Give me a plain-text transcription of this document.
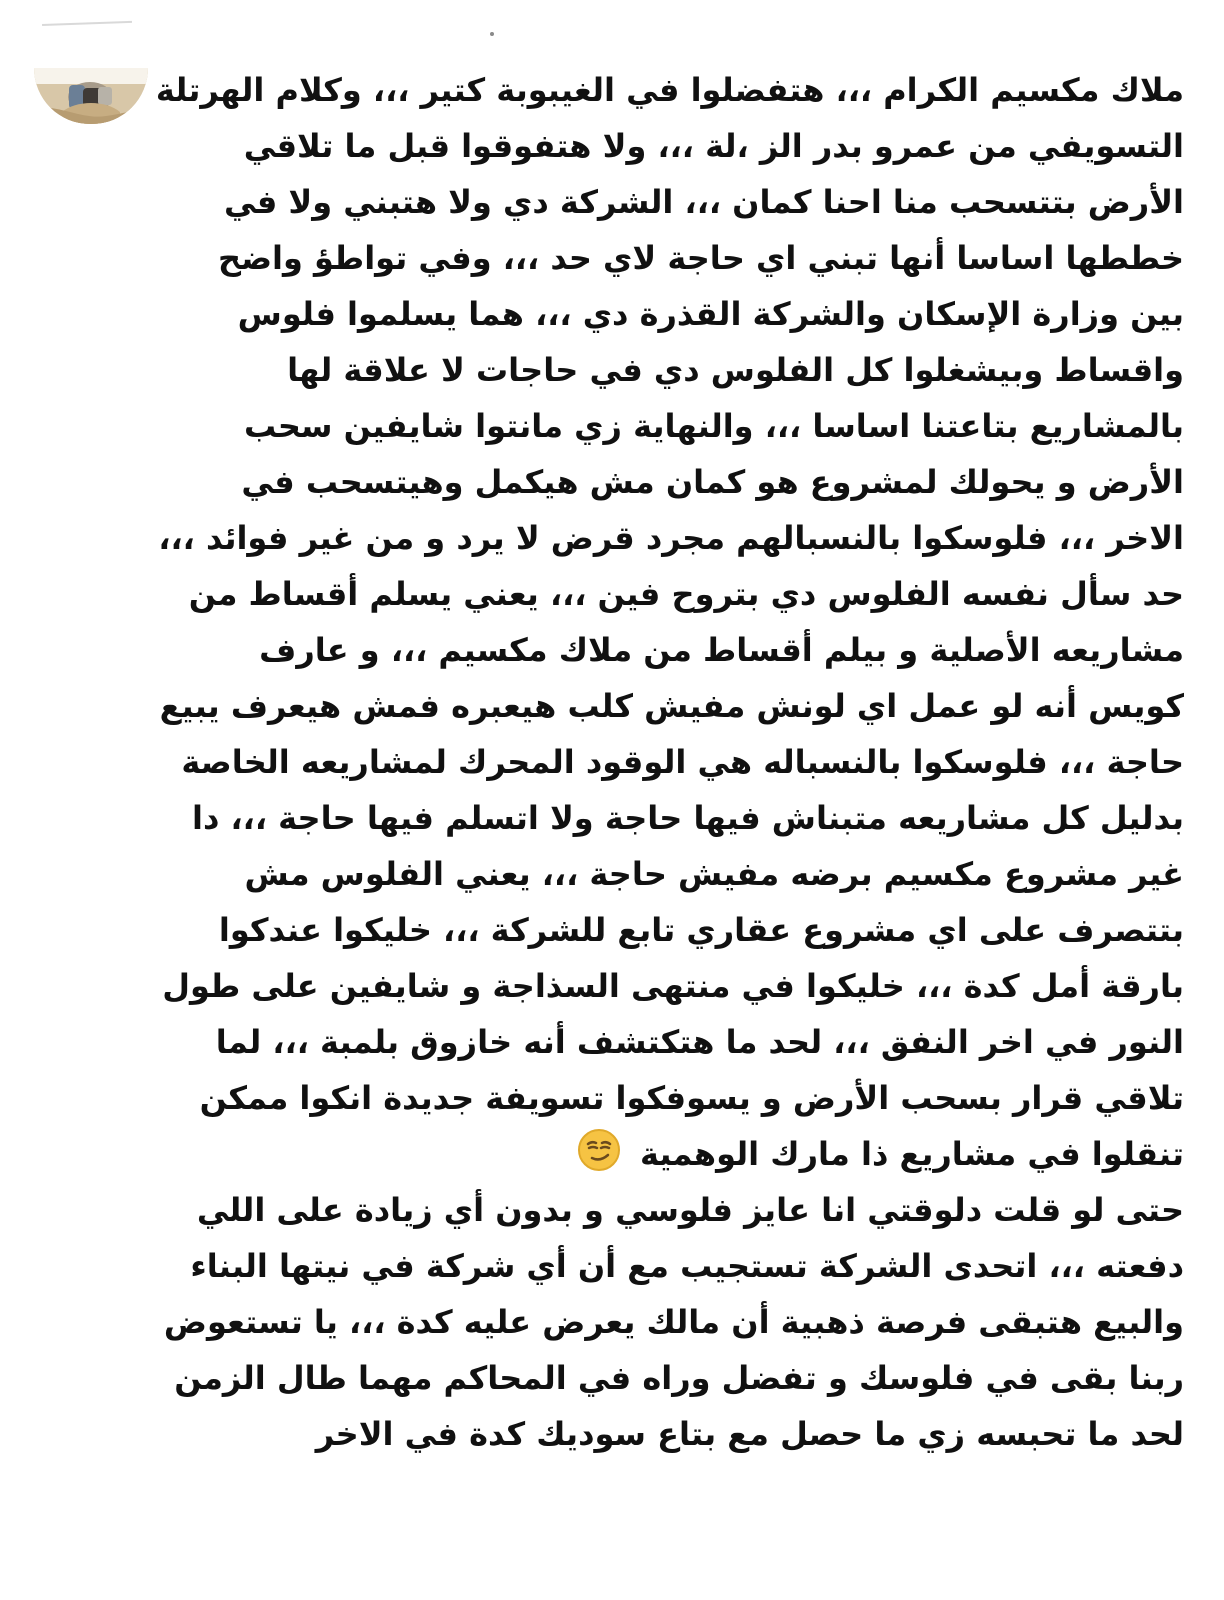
ملاك مكسيم الكرام ،،، هتفضلوا في الغيبوبة كتير ،،، وكلام الهرتلة التسويفي من عمرو بدر الز ،لة ،،، ولا هتفوقوا قبل ما تلاقي الأرض بتتسحب منا احنا كمان ،،، الشركة دي ولا هتبني ولا في خططها اساسا أنها تبني اي حاجة لاي حد ،،، وفي تواطؤ واضح بين وزارة الإسكان والشركة القذرة دي ،،، هما يسلموا فلوس واقساط وبيشغلوا كل الفلوس دي في حاجات لا علاقة لها بالمشاريع بتاعتنا اساسا ،،، والنهاية زي مانتوا شايفين سحب الأرض و يحولك لمشروع هو كمان مش هيكمل وهيتسحب في الاخر ،،، فلوسكوا بالنسبالهم مجرد قرض لا يرد و من غير فوائد ،،، حد سأل نفسه الفلوس دي بتروح فين ،،، يعني يسلم أقساط من مشاريعه الأصلية و بيلم أقساط من ملاك مكسيم ،،، و عارف كويس أنه لو عمل اي لونش مفيش كلب هيعبره فمش هيعرف يبيع حاجة ،،، فلوسكوا بالنسباله هي الوقود المحرك لمشاريعه الخاصة بدليل كل مشاريعه متبناش فيها حاجة ولا اتسلم فيها حاجة ،،، دا غير مشروع مكسيم برضه مفيش حاجة ،،، يعني الفلوس مش بتتصرف على اي مشروع عقاري تابع للشركة ،،، خليكوا عندكوا بارقة أمل كدة ،،، خليكوا في منتهى السذاجة و شايفين على طول النور في اخر النفق ،،، لحد ما هتكتشف أنه خازوق بلمبة ،،، لما تلاقي قرار بسحب الأرض و يسوفكوا تسويفة جديدة انكوا ممكن تنقلوا في مشاريع ذا مارك الوهمية

حتى لو قلت دلوقتي انا عايز فلوسي و بدون أي زيادة على اللي دفعته ،،، اتحدى الشركة تستجيب مع أن أي شركة في نيتها البناء والبيع هتبقى فرصة ذهبية أن مالك يعرض عليه كدة ،،، يا تستعوض ربنا بقى في فلوسك و تفضل وراه في المحاكم مهما طال الزمن لحد ما تحبسه زي ما حصل مع بتاع سوديك كدة في الاخر
